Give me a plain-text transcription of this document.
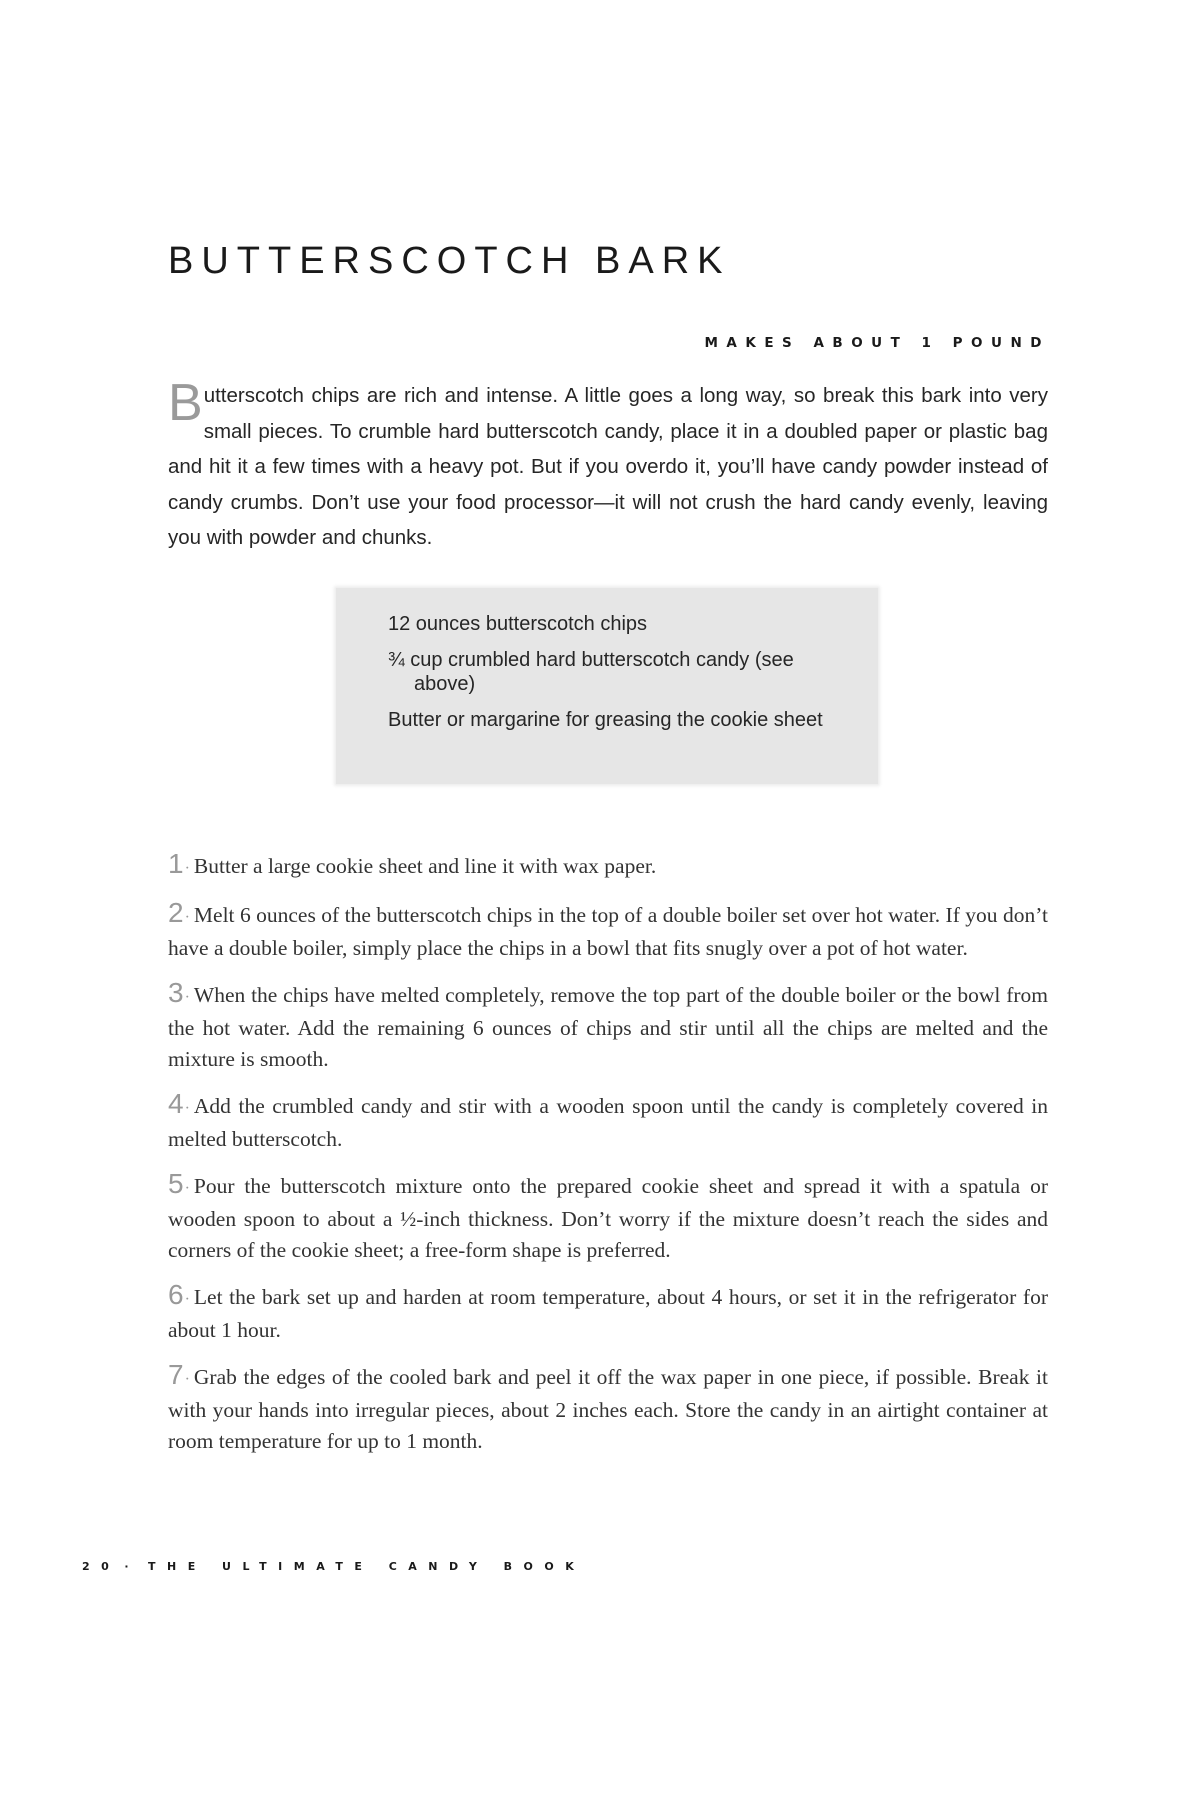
BUTTERSCOTCH BARK
MAKES ABOUT 1 POUND

Butterscotch chips are rich and intense. A little goes a long way, so break this bark into very small pieces. To crumble hard butterscotch candy, place it in a doubled paper or plastic bag and hit it a few times with a heavy pot. But if you overdo it, you’ll have candy powder instead of candy crumbs. Don’t use your food processor—it will not crush the hard candy evenly, leaving you with powder and chunks.

12 ounces butterscotch chips
¾ cup crumbled hard butterscotch candy (see above)
Butter or margarine for greasing the cookie sheet
1· Butter a large cookie sheet and line it with wax paper.
2· Melt 6 ounces of the butterscotch chips in the top of a double boiler set over hot water. If you don’t have a double boiler, simply place the chips in a bowl that fits snugly over a pot of hot water.
3· When the chips have melted completely, remove the top part of the double boiler or the bowl from the hot water. Add the remaining 6 ounces of chips and stir until all the chips are melted and the mixture is smooth.
4· Add the crumbled candy and stir with a wooden spoon until the candy is completely covered in melted butterscotch.
5· Pour the butterscotch mixture onto the prepared cookie sheet and spread it with a spatula or wooden spoon to about a ½-inch thickness. Don’t worry if the mixture doesn’t reach the sides and corners of the cookie sheet; a free-form shape is preferred.
6· Let the bark set up and harden at room temperature, about 4 hours, or set it in the refrigerator for about 1 hour.
7· Grab the edges of the cooled bark and peel it off the wax paper in one piece, if possible. Break it with your hands into irregular pieces, about 2 inches each. Store the candy in an airtight container at room temperature for up to 1 month.
20 · THE ULTIMATE CANDY BOOK
